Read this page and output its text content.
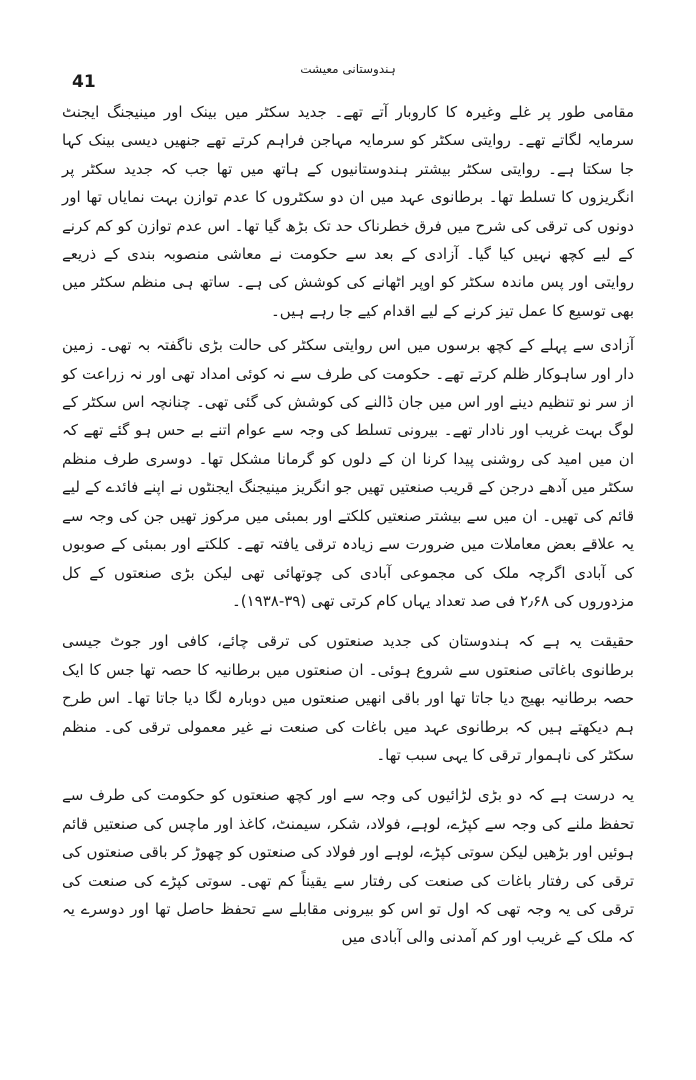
ہندوستانی معیشت
41

مقامی طور پر غلے وغیرہ کا کاروبار آتے تھے۔ جدید سکٹر میں بینک اور مینیجنگ ایجنٹ سرمایہ لگاتے تھے۔ روایتی سکٹر کو سرمایہ مہاجن فراہم کرتے تھے جنھیں دیسی بینک کہا جا سکتا ہے۔ روایتی سکٹر بیشتر ہندوستانیوں کے ہاتھ میں تھا جب کہ جدید سکٹر پر انگریزوں کا تسلط تھا۔ برطانوی عہد میں ان دو سکٹروں کا عدم توازن بہت نمایاں تھا اور دونوں کی ترقی کی شرح میں فرق خطرناک حد تک بڑھ گیا تھا۔ اس عدم توازن کو کم کرنے کے لیے کچھ نہیں کیا گیا۔ آزادی کے بعد سے حکومت نے معاشی منصوبہ بندی کے ذریعے روایتی اور پس ماندہ سکٹر کو اوپر اٹھانے کی کوشش کی ہے۔ ساتھ ہی منظم سکٹر میں بھی توسیع کا عمل تیز کرنے کے لیے اقدام کیے جا رہے ہیں۔

آزادی سے پہلے کے کچھ برسوں میں اس روایتی سکٹر کی حالت بڑی ناگفتہ بہ تھی۔ زمین دار اور ساہوکار ظلم کرتے تھے۔ حکومت کی طرف سے نہ کوئی امداد تھی اور نہ زراعت کو از سر نو تنظیم دینے اور اس میں جان ڈالنے کی کوشش کی گئی تھی۔ چنانچہ اس سکٹر کے لوگ بہت غریب اور نادار تھے۔ بیرونی تسلط کی وجہ سے عوام اتنے بے حس ہو گئے تھے کہ ان میں امید کی روشنی پیدا کرنا ان کے دلوں کو گرمانا مشکل تھا۔ دوسری طرف منظم سکٹر میں آدھے درجن کے قریب صنعتیں تھیں جو انگریز مینیجنگ ایجنٹوں نے اپنے فائدے کے لیے قائم کی تھیں۔ ان میں سے بیشتر صنعتیں کلکتے اور بمبئی میں مرکوز تھیں جن کی وجہ سے یہ علاقے بعض معاملات میں ضرورت سے زیادہ ترقی یافتہ تھے۔ کلکتے اور بمبئی کے صوبوں کی آبادی اگرچہ ملک کی مجموعی آبادی کی چوتھائی تھی لیکن بڑی صنعتوں کے کل مزدوروں کی ۲٫۶۸ فی صد تعداد یہاں کام کرتی تھی (۳۹-۱۹۳۸)۔

حقیقت یہ ہے کہ ہندوستان کی جدید صنعتوں کی ترقی چائے، کافی اور جوٹ جیسی برطانوی باغاتی صنعتوں سے شروع ہوئی۔ ان صنعتوں میں برطانیہ کا حصہ تھا جس کا ایک حصہ برطانیہ بھیج دیا جاتا تھا اور باقی انھیں صنعتوں میں دوبارہ لگا دیا جاتا تھا۔ اس طرح ہم دیکھتے ہیں کہ برطانوی عہد میں باغات کی صنعت نے غیر معمولی ترقی کی۔ منظم سکٹر کی ناہموار ترقی کا یہی سبب تھا۔

یہ درست ہے کہ دو بڑی لڑائیوں کی وجہ سے اور کچھ صنعتوں کو حکومت کی طرف سے تحفظ ملنے کی وجہ سے کپڑے، لوہے، فولاد، شکر، سیمنٹ، کاغذ اور ماچس کی صنعتیں قائم ہوئیں اور بڑھیں لیکن سوتی کپڑے، لوہے اور فولاد کی صنعتوں کو چھوڑ کر باقی صنعتوں کی ترقی کی رفتار باغات کی صنعت کی رفتار سے یقیناً کم تھی۔ سوتی کپڑے کی صنعت کی ترقی کی یہ وجہ تھی کہ اول تو اس کو بیرونی مقابلے سے تحفظ حاصل تھا اور دوسرے یہ کہ ملک کے غریب اور کم آمدنی والی آبادی میں
